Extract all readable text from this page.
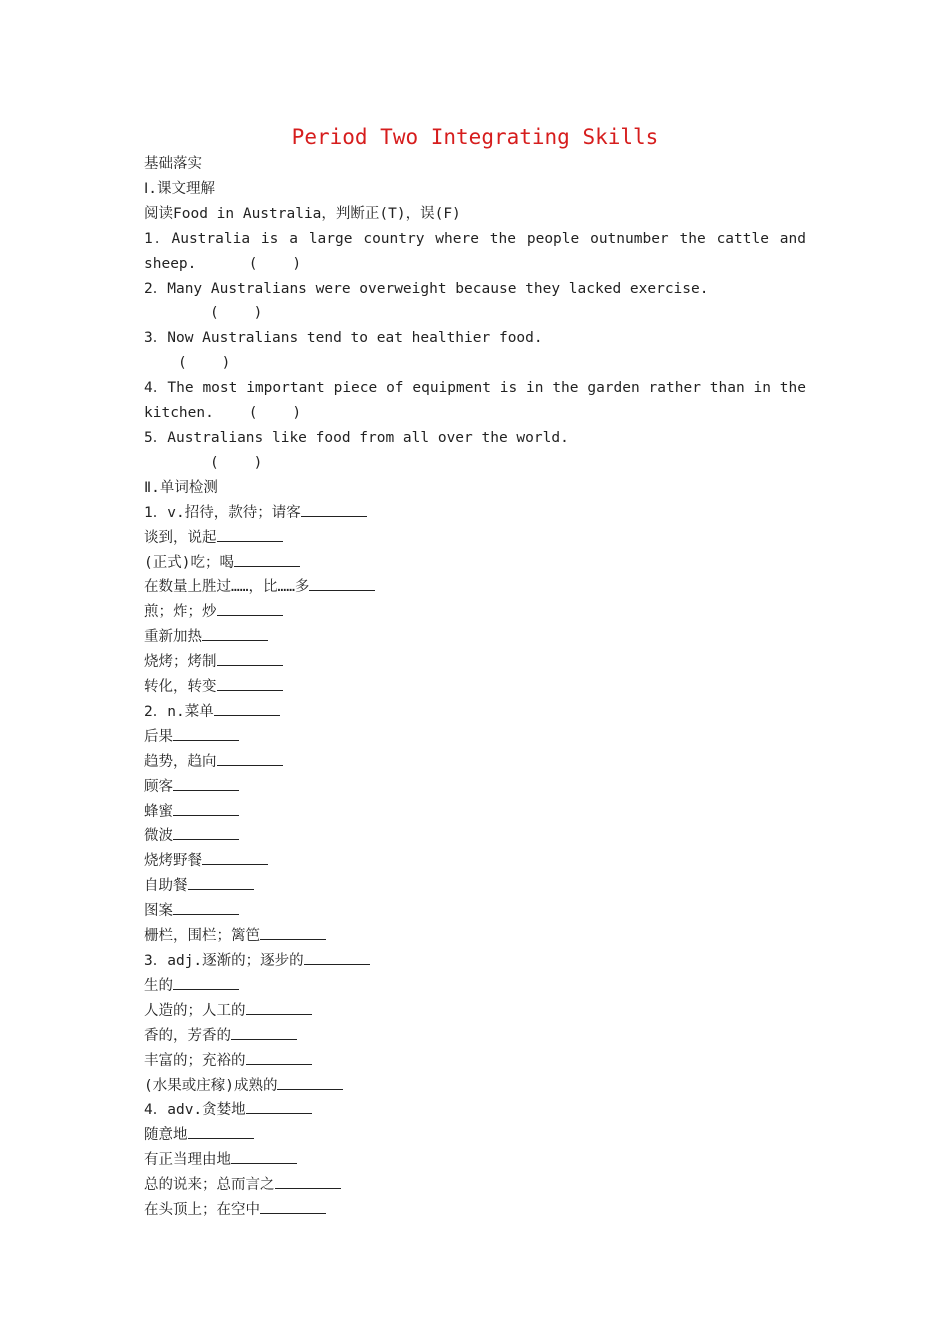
Period Two Integrating Skills
基础落实
Ⅰ.课文理解
阅读Food in Australia，判断正(T)，误(F)
1．Australia is a large country where the people outnumber the cattle and
sheep.      (    )
2．Many Australians were overweight because they lacked exercise.
(    )
3．Now Australians tend to eat healthier food.
(    )
4．The most important piece of equipment is in the garden rather than in the
kitchen.    (    )
5．Australians like food from all over the world.
(    )
Ⅱ.单词检测
1．v.招待，款待；请客
谈到，说起
(正式)吃；喝
在数量上胜过……，比……多
煎；炸；炒
重新加热
烧烤；烤制
转化，转变
2．n.菜单
后果
趋势，趋向
顾客
蜂蜜
微波
烧烤野餐
自助餐
图案
栅栏，围栏；篱笆
3．adj.逐渐的；逐步的
生的
人造的；人工的
香的，芳香的
丰富的；充裕的
(水果或庄稼)成熟的
4．adv.贪婪地
随意地
有正当理由地
总的说来；总而言之
在头顶上；在空中
